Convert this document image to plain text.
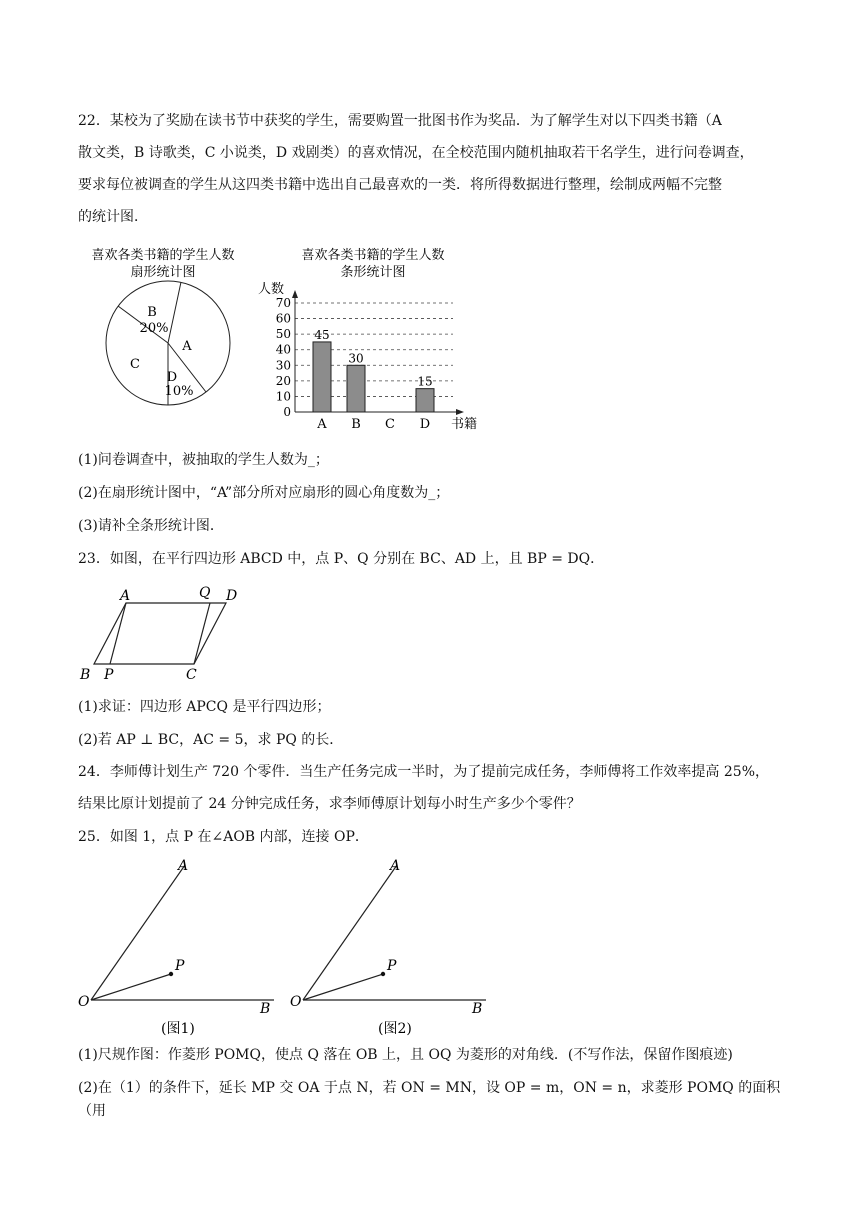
22．某校为了奖励在读书节中获奖的学生，需要购置一批图书作为奖品．为了解学生对以下四类书籍（A

散文类，B 诗歌类，C 小说类，D 戏剧类）的喜欢情况，在全校范围内随机抽取若干名学生，进行问卷调查，

要求每位被调查的学生从这四类书籍中选出自己最喜欢的一类．将所得数据进行整理，绘制成两幅不完整

的统计图．

喜欢各类书籍的学生人数
扇形统计图
B
20%
A
C
D
10%
喜欢各类书籍的学生人数
条形统计图
人数
书籍
0
10
20
30
40
50
60
70
45
30
15
A B C D

(1)问卷调查中，被抽取的学生人数为_；

(2)在扇形统计图中，“A”部分所对应扇形的圆心角度数为_；

(3)请补全条形统计图．

23．如图，在平行四边形 ABCD 中，点 P、Q 分别在 BC、AD 上，且 BP = DQ．

A	Q D
B P	C

(1)求证：四边形 APCQ 是平行四边形；

(2)若 AP ⊥ BC，AC = 5，求 PQ 的长．

24．李师傅计划生产 720 个零件．当生产任务完成一半时，为了提前完成任务，李师傅将工作效率提高 25%，

结果比原计划提前了 24 分钟完成任务，求李师傅原计划每小时生产多少个零件？

25．如图 1，点 P 在∠AOB 内部，连接 OP．

A
O	B
P
(图1)
A
O	B
P
(图2)

(1)尺规作图：作菱形 POMQ，使点 Q 落在 OB 上，且 OQ 为菱形的对角线．(不写作法，保留作图痕迹)

(2)在（1）的条件下，延长 MP 交 OA 于点 N，若 ON = MN，设 OP = m，ON = n，求菱形 POMQ 的面积（用
